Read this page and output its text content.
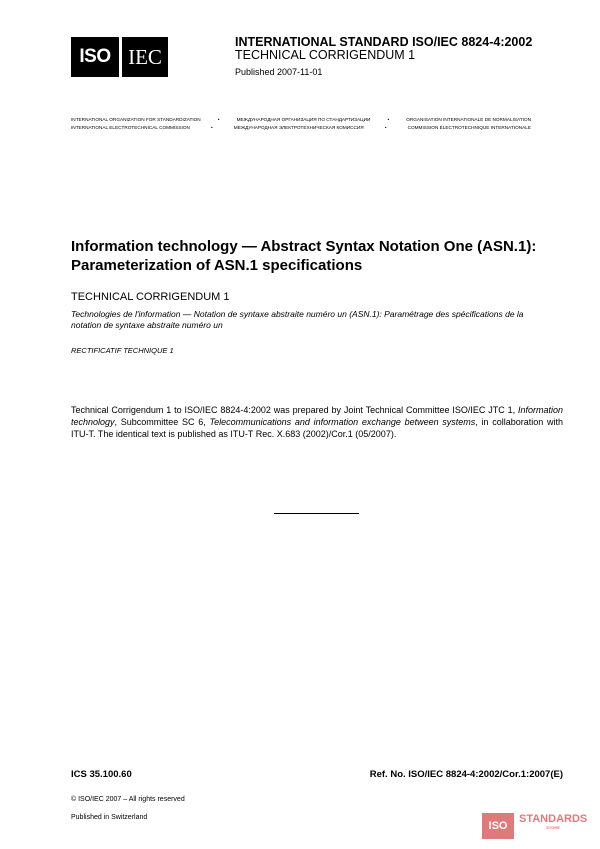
ISO IEC
INTERNATIONAL STANDARD ISO/IEC 8824-4:2002
TECHNICAL CORRIGENDUM 1
Published 2007-11-01
INTERNATIONAL ORGANIZATION FOR STANDARDIZATION	•	МЕЖДУНАРОДНАЯ ОРГАНИЗАЦИЯ ПО СТАНДАРТИЗАЦИИ	•	ORGANISATION INTERNATIONALE DE NORMALISATION
INTERNATIONAL ELECTROTECHNICAL COMMISSION	•	МЕЖДУНАРОДНАЯ ЭЛЕКТРОТЕХНИЧЕСКАЯ КОМИССИЯ	•	COMMISSION ÉLECTROTECHNIQUE INTERNATIONALE
Information technology — Abstract Syntax Notation One (ASN.1): Parameterization of ASN.1 specifications
TECHNICAL CORRIGENDUM 1
Technologies de l'information — Notation de syntaxe abstraite numéro un (ASN.1): Paramétrage des spécifications de la notation de syntaxe abstraite numéro un
RECTIFICATIF TECHNIQUE 1
Technical Corrigendum 1 to ISO/IEC 8824-4:2002 was prepared by Joint Technical Committee ISO/IEC JTC 1, Information technology, Subcommittee SC 6, Telecommunications and information exchange between systems, in collaboration with ITU-T. The identical text is published as ITU-T Rec. X.683 (2002)/Cor.1 (05/2007).
ICS 35.100.60	Ref. No. ISO/IEC 8824-4:2002/Cor.1:2007(E)
© ISO/IEC 2007 – All rights reserved
Published in Switzerland
ISO
STANDARDS
STORE
